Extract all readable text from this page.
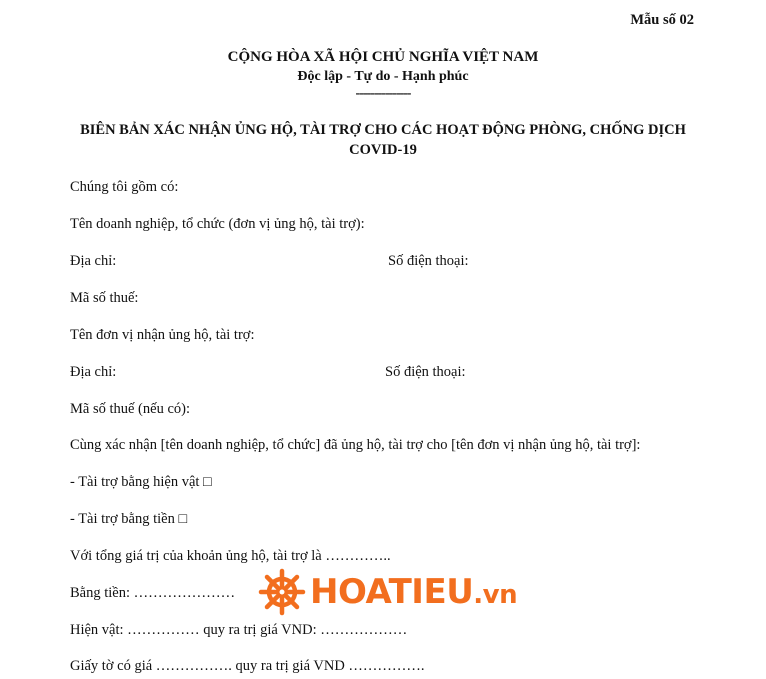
Mẫu số 02
CỘNG HÒA XÃ HỘI CHỦ NGHĨA VIỆT NAM
Độc lập - Tự do - Hạnh phúc
---------------
BIÊN BẢN XÁC NHẬN ỦNG HỘ, TÀI TRỢ CHO CÁC HOẠT ĐỘNG PHÒNG, CHỐNG DỊCH
COVID-19
Chúng tôi gồm có:
Tên doanh nghiệp, tổ chức (đơn vị ủng hộ, tài trợ):
Địa chỉ:	Số điện thoại:
Mã số thuế:
Tên đơn vị nhận ủng hộ, tài trợ:
Địa chỉ:	Số điện thoại:
Mã số thuế (nếu có):
Cùng xác nhận [tên doanh nghiệp, tổ chức] đã ủng hộ, tài trợ cho [tên đơn vị nhận ủng hộ, tài trợ]:
- Tài trợ bằng hiện vật □
- Tài trợ bằng tiền □
Với tổng giá trị của khoản ủng hộ, tài trợ là …………..
Bằng tiền: …………………
Hiện vật: …………… quy ra trị giá VND: ………………
Giấy tờ có giá ……………. quy ra trị giá VND …………….
HOATIEU.vn
